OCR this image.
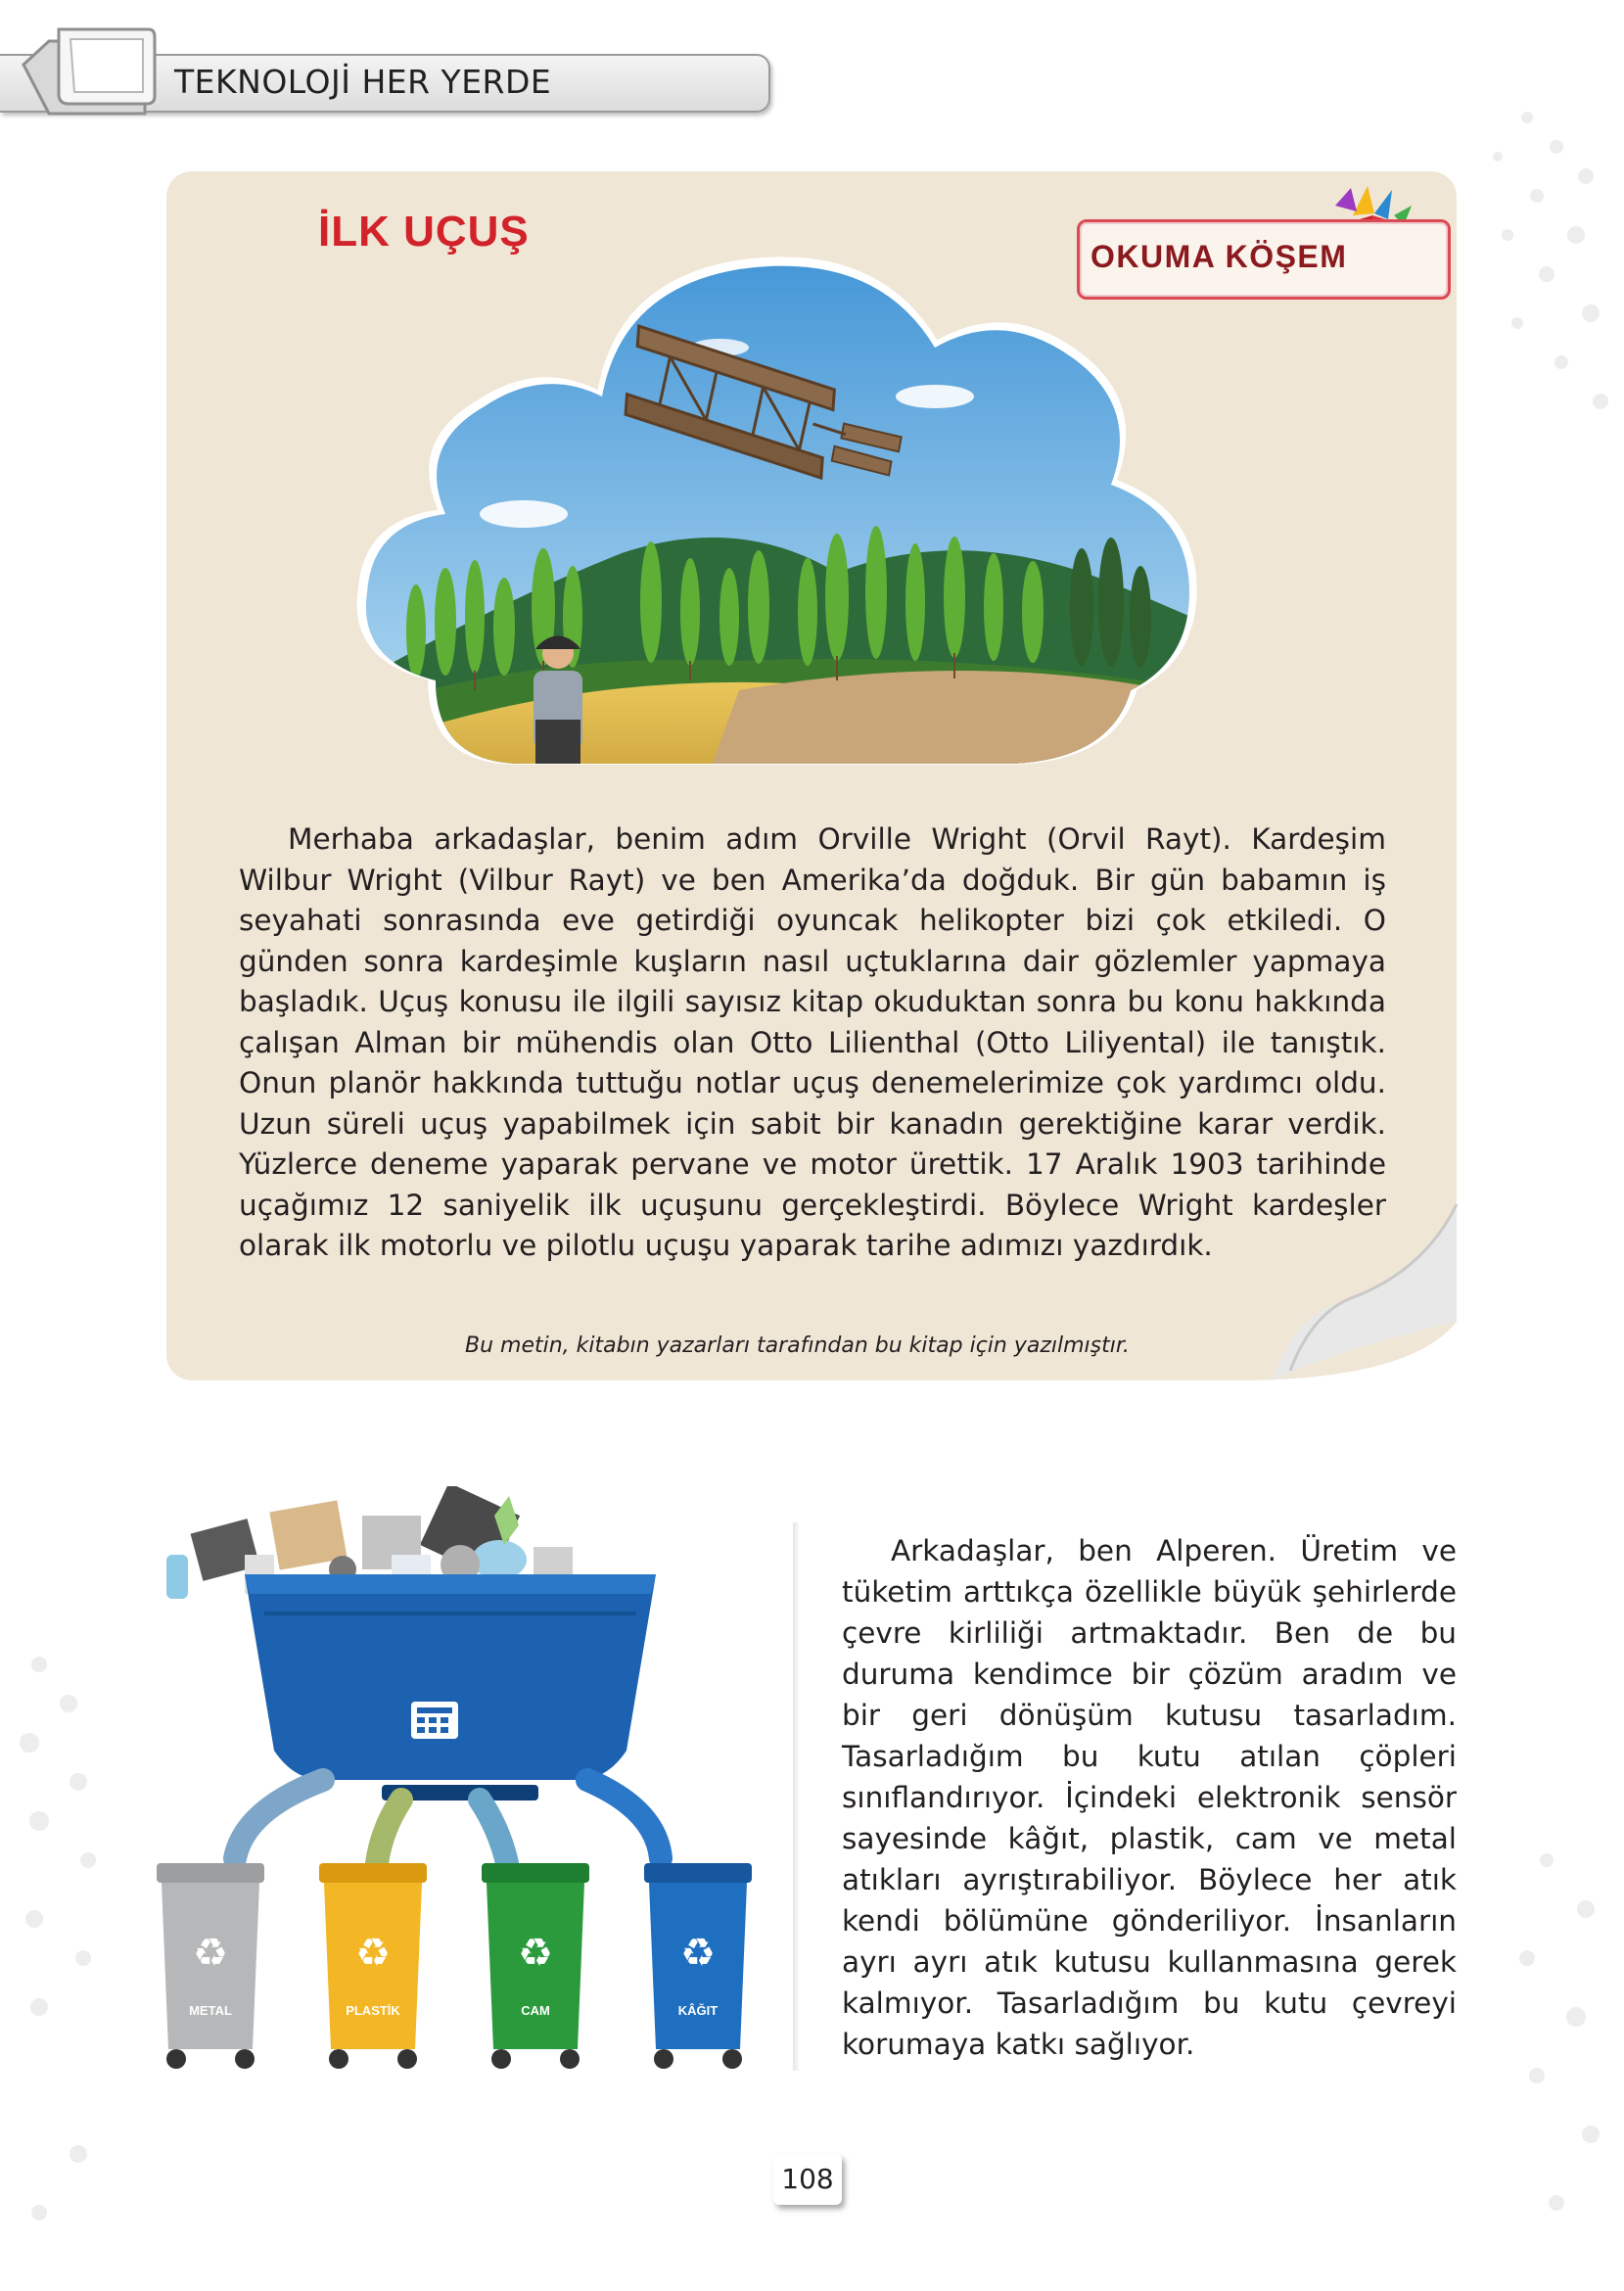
TEKNOLOJİ HER YERDE
İLK UÇUŞ
OKUMA KÖŞEM

Merhaba arkadaşlar, benim adım Orville Wright (Orvil Rayt). Kardeşim Wilbur Wright (Vilbur Rayt) ve ben Amerika’da doğduk. Bir gün babamın iş seyahati sonrasında eve getirdiği oyuncak helikopter bizi çok etkiledi. O günden sonra kardeşimle kuşların nasıl uçtuklarına dair gözlemler yapmaya başladık. Uçuş konusu ile ilgili sayısız kitap okuduktan sonra bu konu hakkında çalışan Alman bir mühendis olan Otto Lilienthal (Otto Liliyental) ile tanıştık. Onun planör hakkında tuttuğu notlar uçuş denemelerimize çok yardımcı oldu. Uzun süreli uçuş yapabilmek için sabit bir kanadın gerektiğine karar verdik. Yüzlerce deneme yaparak pervane ve motor ürettik. 17 Aralık 1903 tarihinde uçağımız 12 saniyelik ilk uçuşunu gerçekleştirdi. Böylece Wright kardeşler olarak ilk motorlu ve pilotlu uçuşu yaparak tarihe adımızı yazdırdık.

Bu metin, kitabın yazarları tarafından bu kitap için yazılmıştır.
♻	♻	♻	♻
METAL	PLASTİK	CAM	KÂĞIT

Arkadaşlar, ben Alperen. Üretim ve tüketim arttıkça özellikle büyük şehirlerde çevre kirliliği artmaktadır. Ben de bu duruma kendimce bir çözüm aradım ve bir geri dönüşüm kutusu tasarladım. Tasarladığım bu kutu atılan çöpleri sınıflandırıyor. İçindeki elektronik sensör sayesinde kâğıt, plastik, cam ve metal atıkları ayrıştırabiliyor. Böylece her atık kendi bölümüne gönderiliyor. İnsanların ayrı ayrı atık kutusu kullanmasına gerek kalmıyor. Tasarladığım bu kutu çevreyi korumaya katkı sağlıyor.

108
